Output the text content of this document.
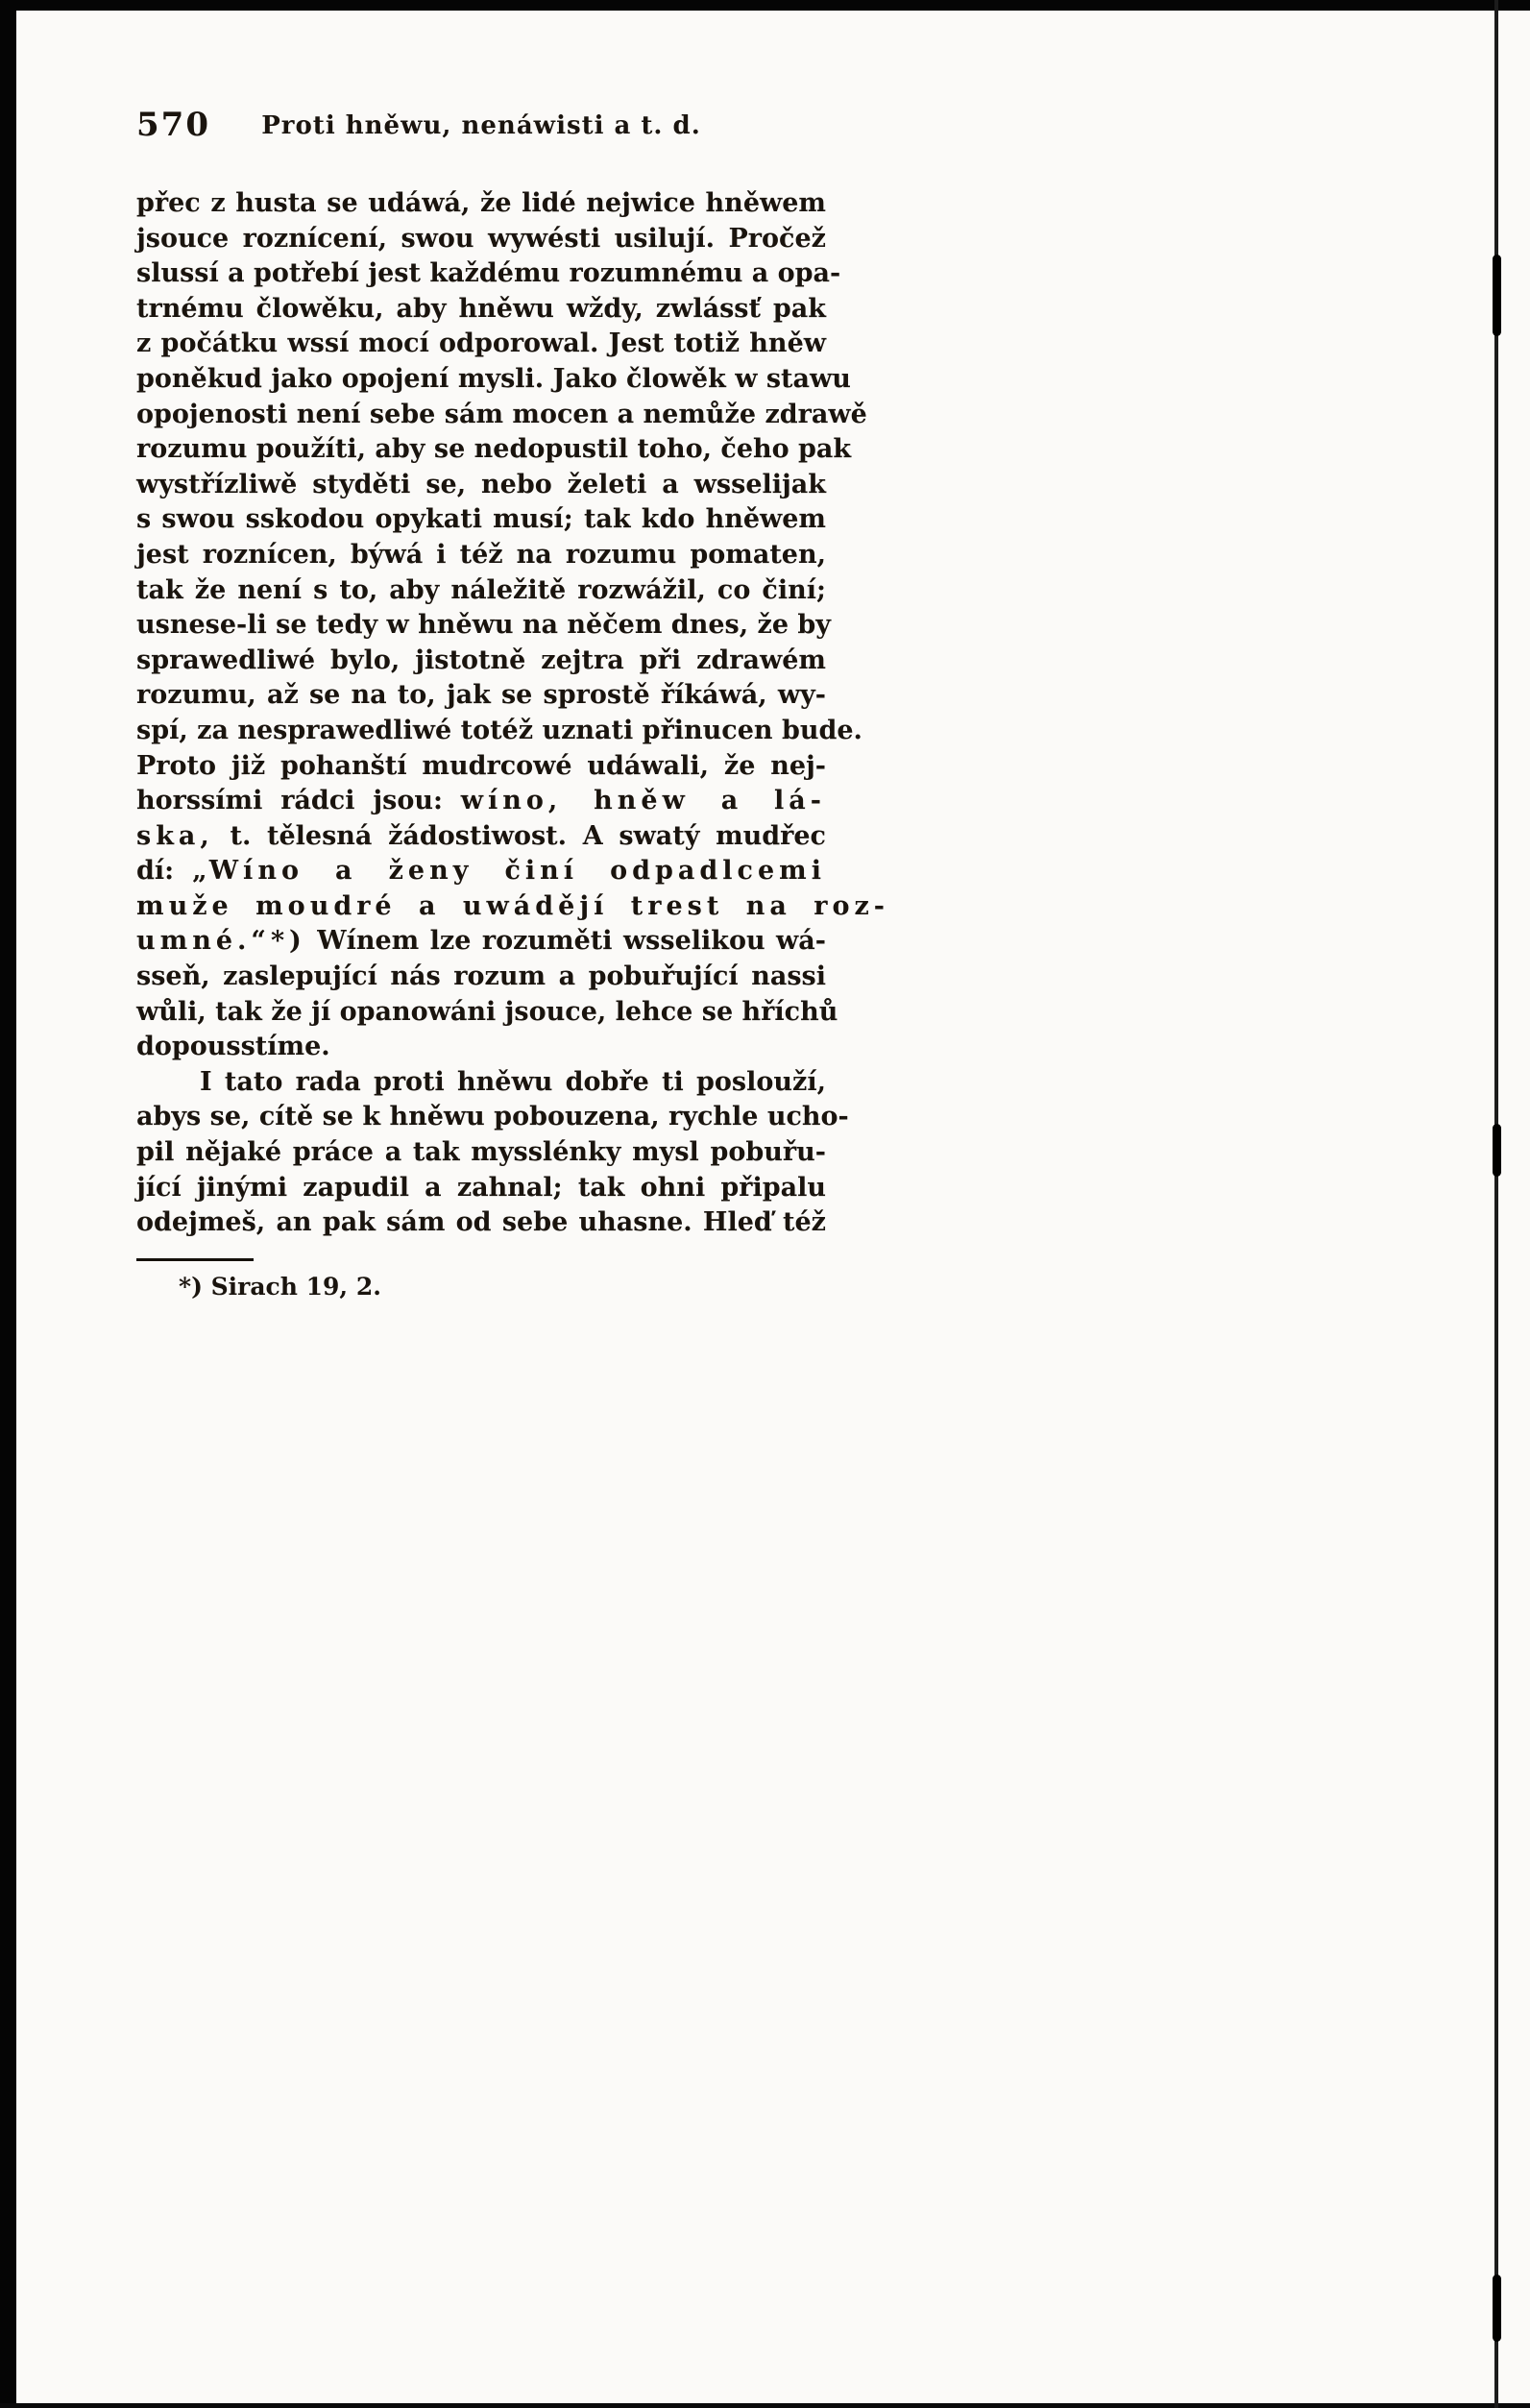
570	Proti hněwu, nenáwisti a t. d.
přec z husta se udáwá, že lidé nejwice hněwem
jsouce roznícení, swou wywésti usilují. Pročež
slussí a potřebí jest každému rozumnému a opa-
trnému člowěku, aby hněwu wždy, zwlássť pak
z počátku wssí mocí odporowal. Jest totiž hněw
poněkud jako opojení mysli. Jako člowěk w stawu
opojenosti není sebe sám mocen a nemůže zdrawě
rozumu použíti, aby se nedopustil toho, čeho pak
wystřízliwě styděti se, nebo želeti a wsselijak
s swou sskodou opykati musí; tak kdo hněwem
jest roznícen, býwá i též na rozumu pomaten,
tak že není s to, aby náležitě rozwážil, co činí;
usnese-li se tedy w hněwu na něčem dnes, že by
sprawedliwé bylo, jistotně zejtra při zdrawém
rozumu, až se na to, jak se sprostě říkáwá, wy-
spí, za nesprawedliwé totéž uznati přinucen bude.
Proto již pohanští mudrcowé udáwali, že nej-
horssími rádci jsou: wíno, hněw a lá-
ska, t. tělesná žádostiwost. A swatý mudřec
dí: „Wíno a ženy činí odpadlcemi
muže moudré a uwádějí trest na roz-
umné.“*) Wínem lze rozuměti wsselikou wá-
sseň, zaslepující nás rozum a pobuřující nassi
wůli, tak že jí opanowáni jsouce, lehce se hříchů
dopousstíme.
I tato rada proti hněwu dobře ti poslouží,
abys se, cítě se k hněwu pobouzena, rychle ucho-
pil nějaké práce a tak mysslénky mysl pobuřu-
jící jinými zapudil a zahnal; tak ohni připalu
odejmeš, an pak sám od sebe uhasne. Hleď též
*) Sirach 19, 2.
